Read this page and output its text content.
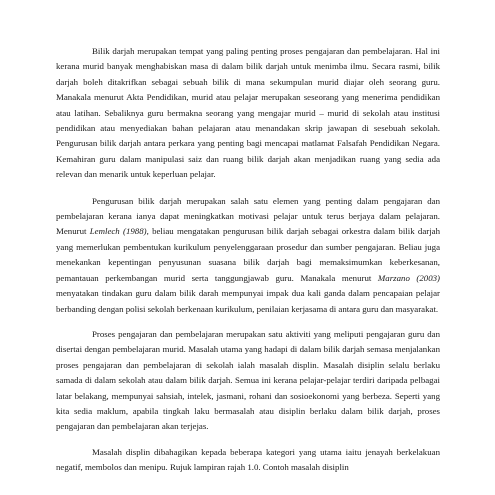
Bilik darjah merupakan tempat yang paling penting proses pengajaran dan pembelajaran. Hal ini kerana murid banyak menghabiskan masa di dalam bilik darjah untuk menimba ilmu. Secara rasmi, bilik darjah boleh ditakrifkan sebagai sebuah bilik di mana sekumpulan murid diajar oleh seorang guru. Manakala menurut Akta Pendidikan, murid atau pelajar merupakan seseorang yang menerima pendidikan atau latihan. Sebaliknya guru bermakna seorang yang mengajar murid – murid di sekolah atau institusi pendidikan atau menyediakan bahan pelajaran atau menandakan skrip jawapan di sesebuah sekolah. Pengurusan bilik darjah antara perkara yang penting bagi mencapai matlamat Falsafah Pendidikan Negara. Kemahiran guru dalam manipulasi saiz dan ruang bilik darjah akan menjadikan ruang yang sedia ada relevan dan menarik untuk keperluan pelajar.

Pengurusan bilik darjah merupakan salah satu elemen yang penting dalam pengajaran dan pembelajaran kerana ianya dapat meningkatkan motivasi pelajar untuk terus berjaya dalam pelajaran. Menurut Lemlech (1988), beliau mengatakan pengurusan bilik darjah sebagai orkestra dalam bilik darjah yang memerlukan pembentukan kurikulum penyelenggaraan prosedur dan sumber pengajaran. Beliau juga menekankan kepentingan penyusunan suasana bilik darjah bagi memaksimumkan keberkesanan, pemantauan perkembangan murid serta tanggungjawab guru. Manakala menurut Marzano (2003) menyatakan tindakan guru dalam bilik darah mempunyai impak dua kali ganda dalam pencapaian pelajar berbanding dengan polisi sekolah berkenaan kurikulum, penilaian kerjasama di antara guru dan masyarakat.

Proses pengajaran dan pembelajaran merupakan satu aktiviti yang meliputi pengajaran guru dan disertai dengan pembelajaran murid. Masalah utama yang hadapi di dalam bilik darjah semasa menjalankan proses pengajaran dan pembelajaran di sekolah ialah masalah displin. Masalah disiplin selalu berlaku samada di dalam sekolah atau dalam bilik darjah. Semua ini kerana pelajar-pelajar terdiri daripada pelbagai latar belakang, mempunyai sahsiah, intelek, jasmani, rohani dan sosioekonomi yang berbeza. Seperti yang kita sedia maklum, apabila tingkah laku bermasalah atau disiplin berlaku dalam bilik darjah, proses pengajaran dan pembelajaran akan terjejas.

Masalah displin dibahagikan kepada beberapa kategori yang utama iaitu jenayah berkelakuan negatif, membolos dan menipu. Rujuk lampiran rajah 1.0. Contoh masalah disiplin
